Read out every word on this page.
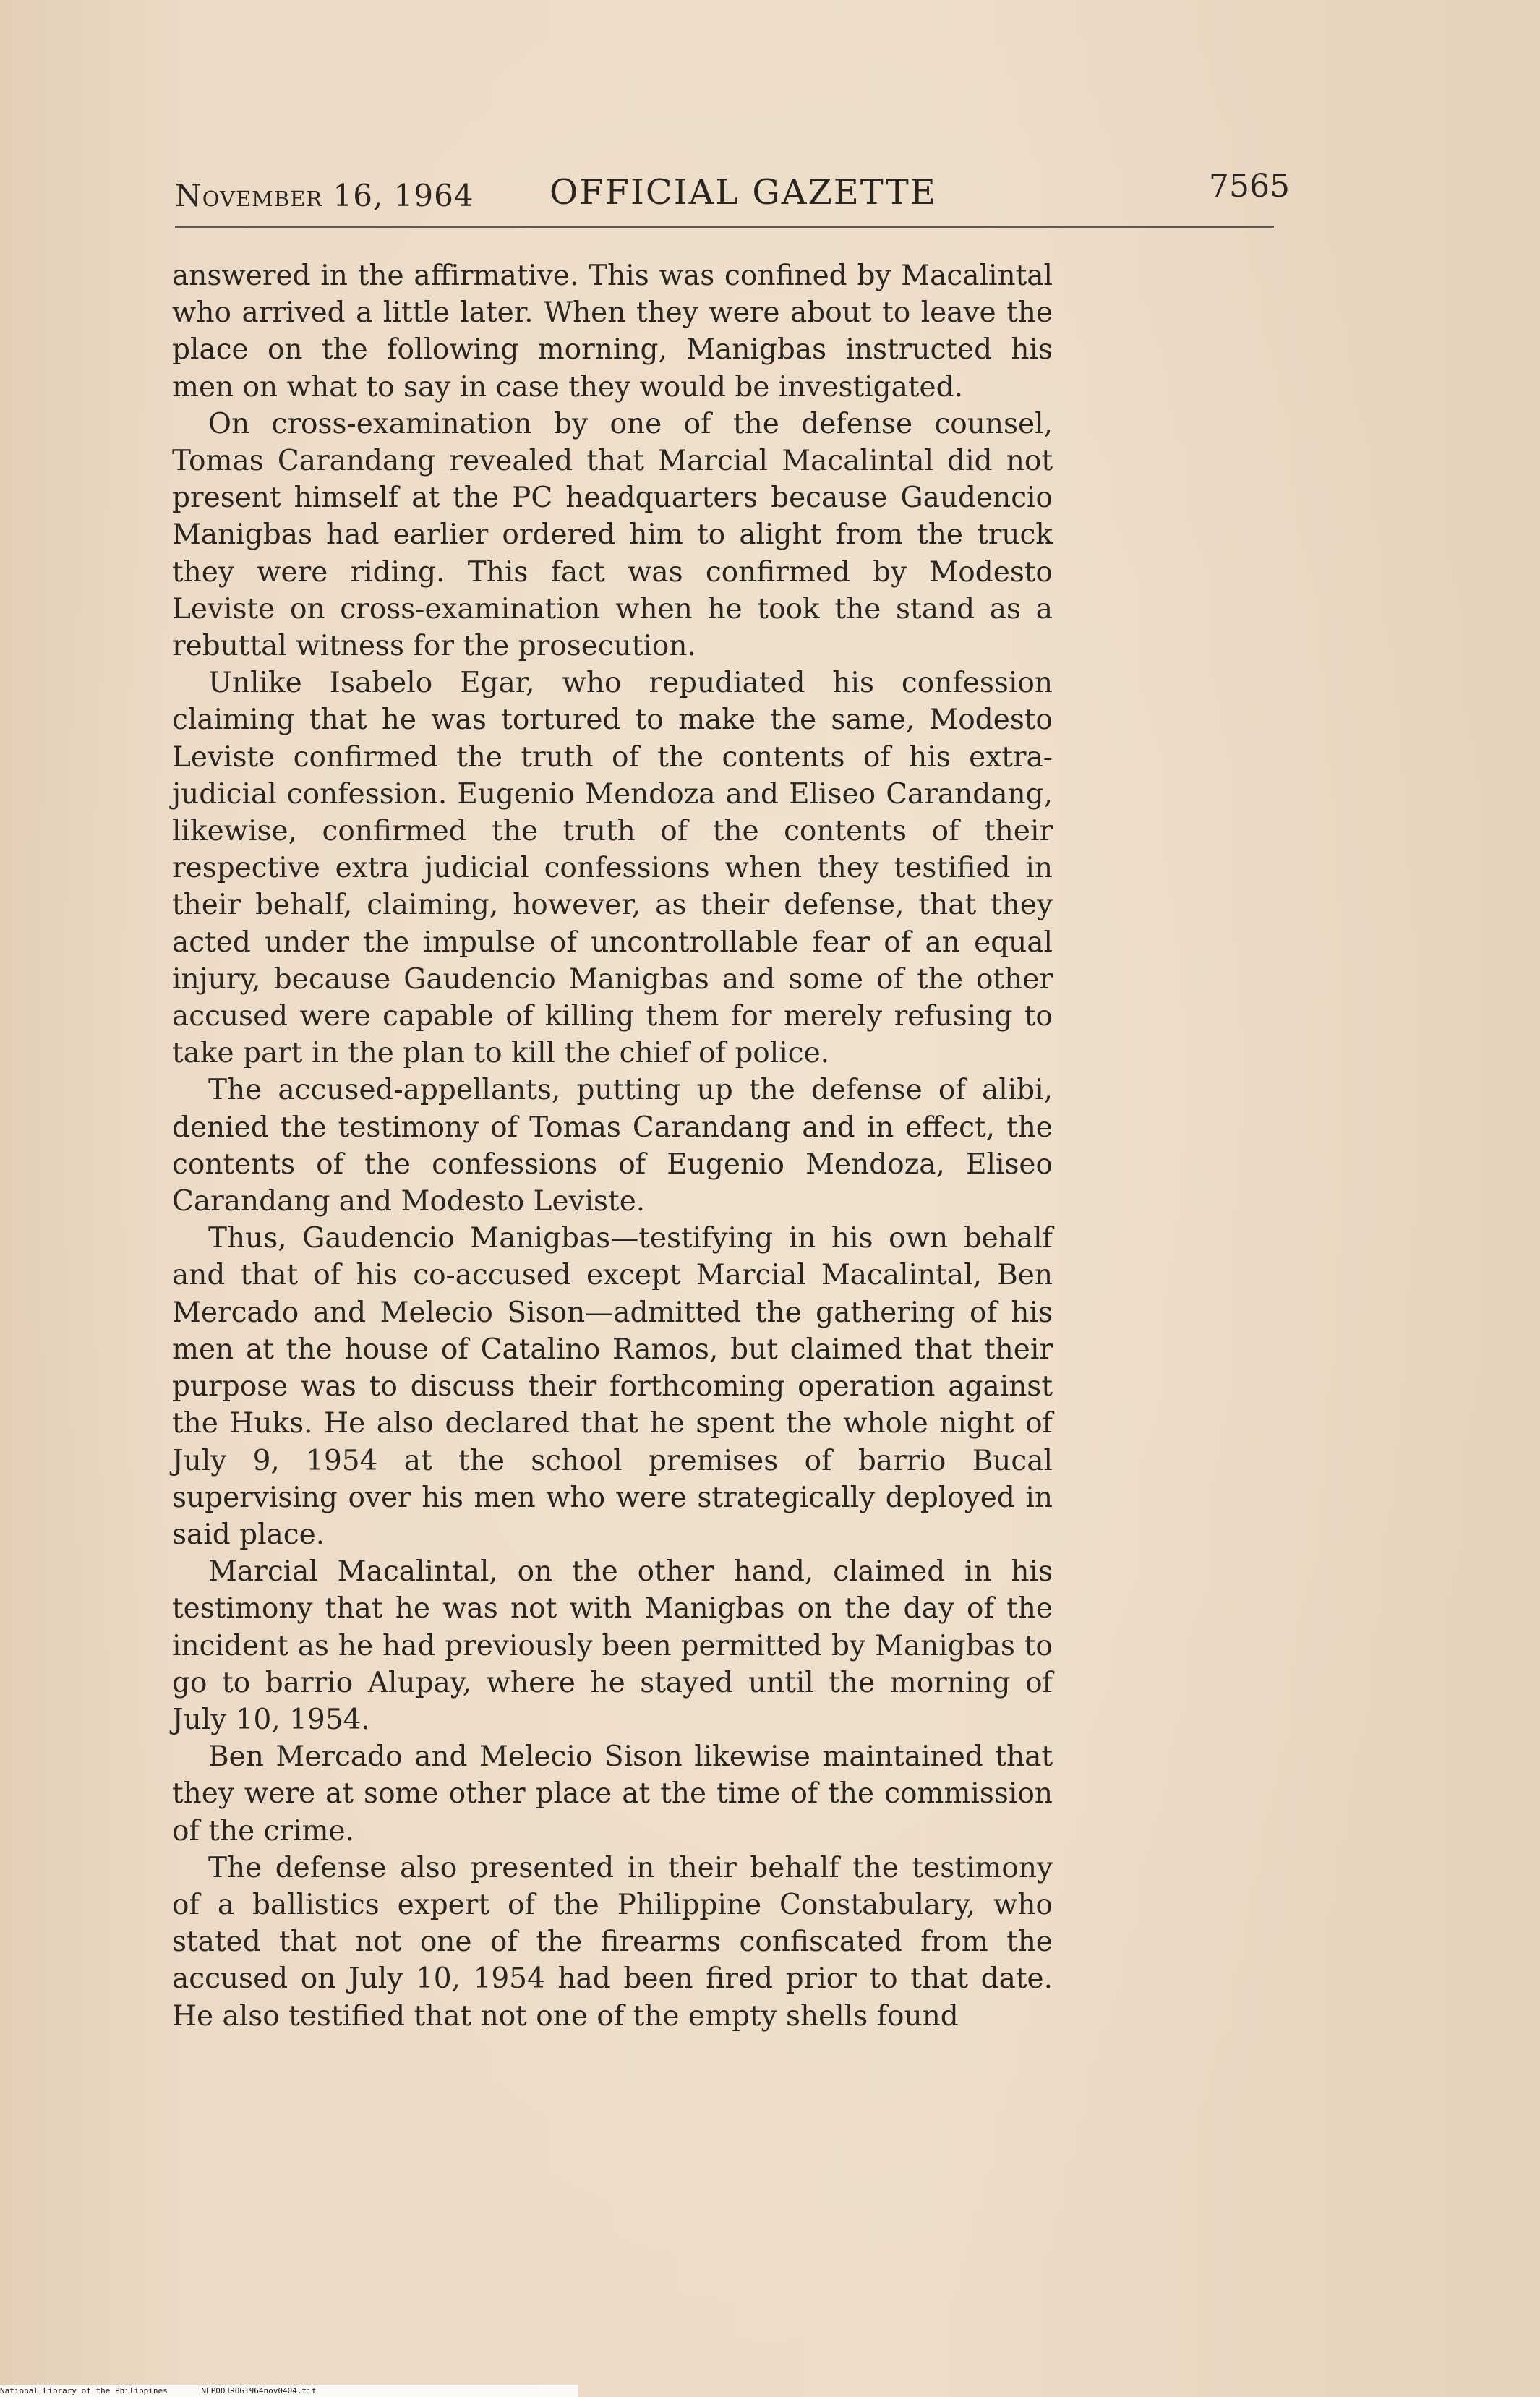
November 16, 1964 OFFICIAL GAZETTE	7565

answered in the affirmative. This was confined by Macalintal who arrived a little later. When they were about to leave the place on the following morning, Manigbas instructed his men on what to say in case they would be investigated.

On cross-examination by one of the defense counsel, Tomas Carandang revealed that Marcial Macalintal did not present himself at the PC headquarters because Gaudencio Manigbas had earlier ordered him to alight from the truck they were riding. This fact was confirmed by Modesto Leviste on cross-examination when he took the stand as a rebuttal witness for the prosecution.

Unlike Isabelo Egar, who repudiated his confession claiming that he was tortured to make the same, Modesto Leviste confirmed the truth of the contents of his extra-judicial confession. Eugenio Mendoza and Eliseo Carandang, likewise, confirmed the truth of the contents of their respective extra judicial confessions when they testified in their behalf, claiming, however, as their defense, that they acted under the impulse of uncontrollable fear of an equal injury, because Gaudencio Manigbas and some of the other accused were capable of killing them for merely refusing to take part in the plan to kill the chief of police.

The accused-appellants, putting up the defense of alibi, denied the testimony of Tomas Carandang and in effect, the contents of the confessions of Eugenio Mendoza, Eliseo Carandang and Modesto Leviste.

Thus, Gaudencio Manigbas—testifying in his own behalf and that of his co-accused except Marcial Macalintal, Ben Mercado and Melecio Sison—admitted the gathering of his men at the house of Catalino Ramos, but claimed that their purpose was to discuss their forthcoming operation against the Huks. He also declared that he spent the whole night of July 9, 1954 at the school premises of barrio Bucal supervising over his men who were strategically deployed in said place.

Marcial Macalintal, on the other hand, claimed in his testimony that he was not with Manigbas on the day of the incident as he had previously been permitted by Manigbas to go to barrio Alupay, where he stayed until the morning of July 10, 1954.

Ben Mercado and Melecio Sison likewise maintained that they were at some other place at the time of the commission of the crime.

The defense also presented in their behalf the testimony of a ballistics expert of the Philippine Constabulary, who stated that not one of the firearms confiscated from the accused on July 10, 1954 had been fired prior to that date. He also testified that not one of the empty shells found

National Library of the Philippines	NLP00JROG1964nov0404.tif
